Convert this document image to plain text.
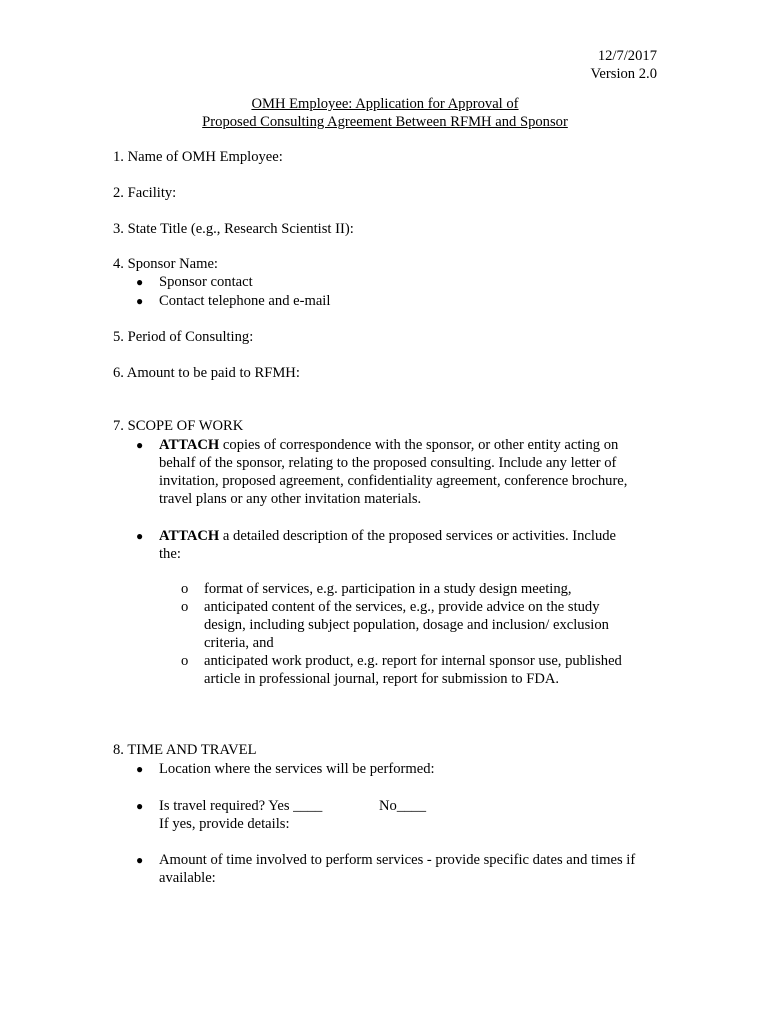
12/7/2017
Version 2.0
OMH Employee: Application for Approval of
Proposed Consulting Agreement Between RFMH and Sponsor
1. Name of OMH Employee:
2. Facility:
3. State Title (e.g., Research Scientist II):
4. Sponsor Name:
● Sponsor contact
● Contact telephone and e-mail
5. Period of Consulting:
6. Amount to be paid to RFMH:
7. SCOPE OF WORK
● ATTACH copies of correspondence with the sponsor, or other entity acting on
behalf of the sponsor, relating to the proposed consulting. Include any letter of
invitation, proposed agreement, confidentiality agreement, conference brochure,
travel plans or any other invitation materials.
● ATTACH a detailed description of the proposed services or activities. Include
the:
o format of services, e.g. participation in a study design meeting,
o anticipated content of the services, e.g., provide advice on the study
design, including subject population, dosage and inclusion/ exclusion
criteria, and
o anticipated work product, e.g. report for internal sponsor use, published
article in professional journal, report for submission to FDA.
8. TIME AND TRAVEL
● Location where the services will be performed:
● Is travel required? Yes ____	No____
If yes, provide details:
● Amount of time involved to perform services - provide specific dates and times if
available:
